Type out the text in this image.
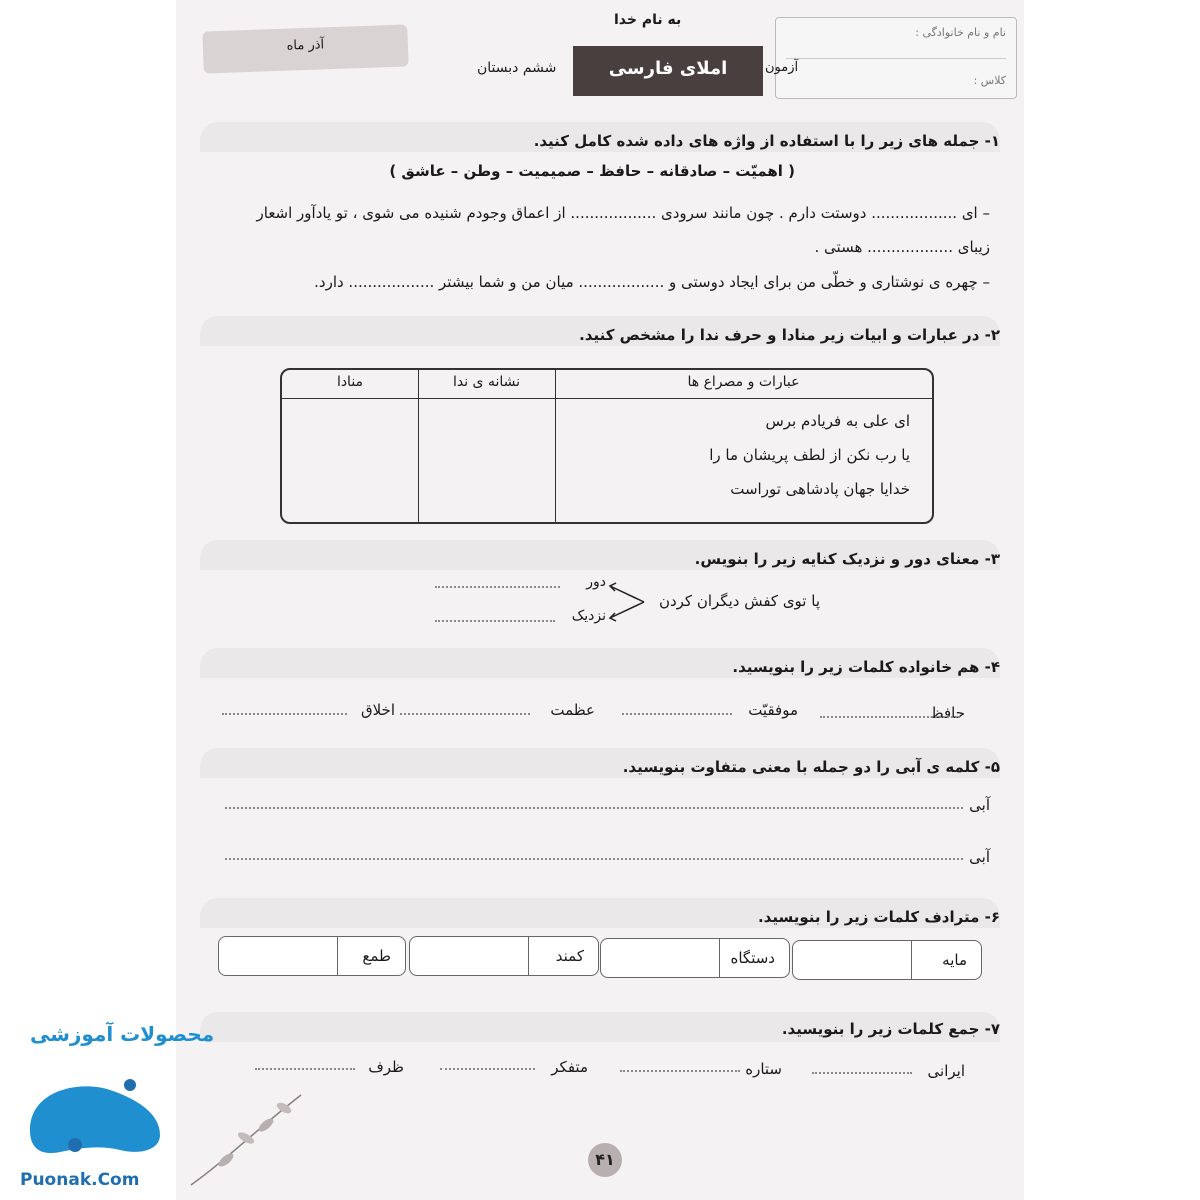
نام و نام خانوادگی :
کلاس :
به نام خدا
آزمون
املای فارسی
ششم دبستان
آذر ماه
۱- جمله های زیر را با استفاده از واژه های داده شده کامل کنید.
( اهمیّت – صادقانه – حافظ – صمیمیت – وطن – عاشق )
– ای .................. دوستت دارم . چون مانند سرودی .................. از اعماق وجودم شنیده می شوی ، تو یادآور اشعار
زیبای .................. هستی .
– چهره ی نوشتاری و خطّی من برای ایجاد دوستی و .................. میان من و شما بیشتر .................. دارد.
۲- در عبارات و ابیات زیر منادا و حرف ندا را مشخص کنید.
عبارات و مصراع ها
نشانه ی ندا
منادا
ای علی به فریادم برس
یا رب نکن از لطف پریشان ما را
خدایا جهان پادشاهی توراست
۳- معنای دور و نزدیک کنایه زیر را بنویس.
پا توی کفش دیگران کردن
دور
نزدیک
۴- هم خانواده کلمات زیر را بنویسید.
حافظ
موفقیّت
عظمت
اخلاق
۵- کلمه ی آبی را دو جمله با معنی متفاوت بنویسید.
آبی
آبی
۶- مترادف کلمات زیر را بنویسید.
مایه
دستگاه
کمند
طمع
۷- جمع کلمات زیر را بنویسید.
ایرانی
ستاره
متفکر
ظرف
۴۱
محصولات آموزشی
Puonak.Com
